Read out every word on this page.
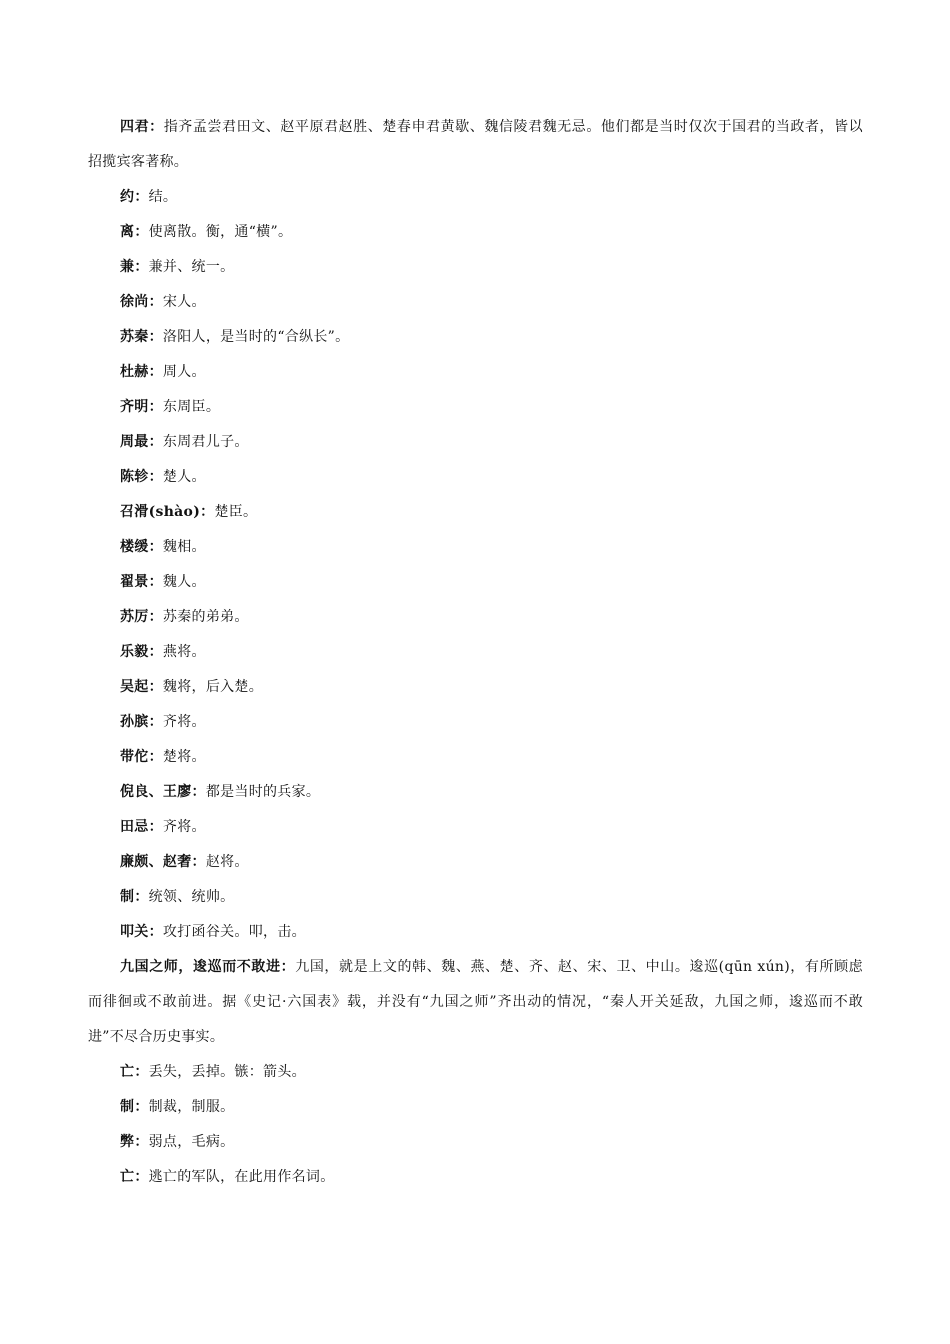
四君：指齐孟尝君田文、赵平原君赵胜、楚春申君黄歇、魏信陵君魏无忌。他们都是当时仅次于国君的当政者，皆以招揽宾客著称。

约：结。

离：使离散。衡，通“横”。

兼：兼并、统一。

徐尚：宋人。

苏秦：洛阳人，是当时的“合纵长”。

杜赫：周人。

齐明：东周臣。

周最：东周君儿子。

陈轸：楚人。

召滑(shào)：楚臣。

楼缓：魏相。

翟景：魏人。

苏厉：苏秦的弟弟。

乐毅：燕将。

吴起：魏将，后入楚。

孙膑：齐将。

带佗：楚将。

倪良、王廖：都是当时的兵家。

田忌：齐将。

廉颇、赵奢：赵将。

制：统领、统帅。

叩关：攻打函谷关。叩，击。

九国之师，逡巡而不敢进：九国，就是上文的韩、魏、燕、楚、齐、赵、宋、卫、中山。逡巡(qūn xún)，有所顾虑而徘徊或不敢前进。据《史记·六国表》载，并没有“九国之师”齐出动的情况，“秦人开关延敌，九国之师，逡巡而不敢进”不尽合历史事实。

亡：丢失，丢掉。镞：箭头。

制：制裁，制服。

弊：弱点，毛病。

亡：逃亡的军队，在此用作名词。
